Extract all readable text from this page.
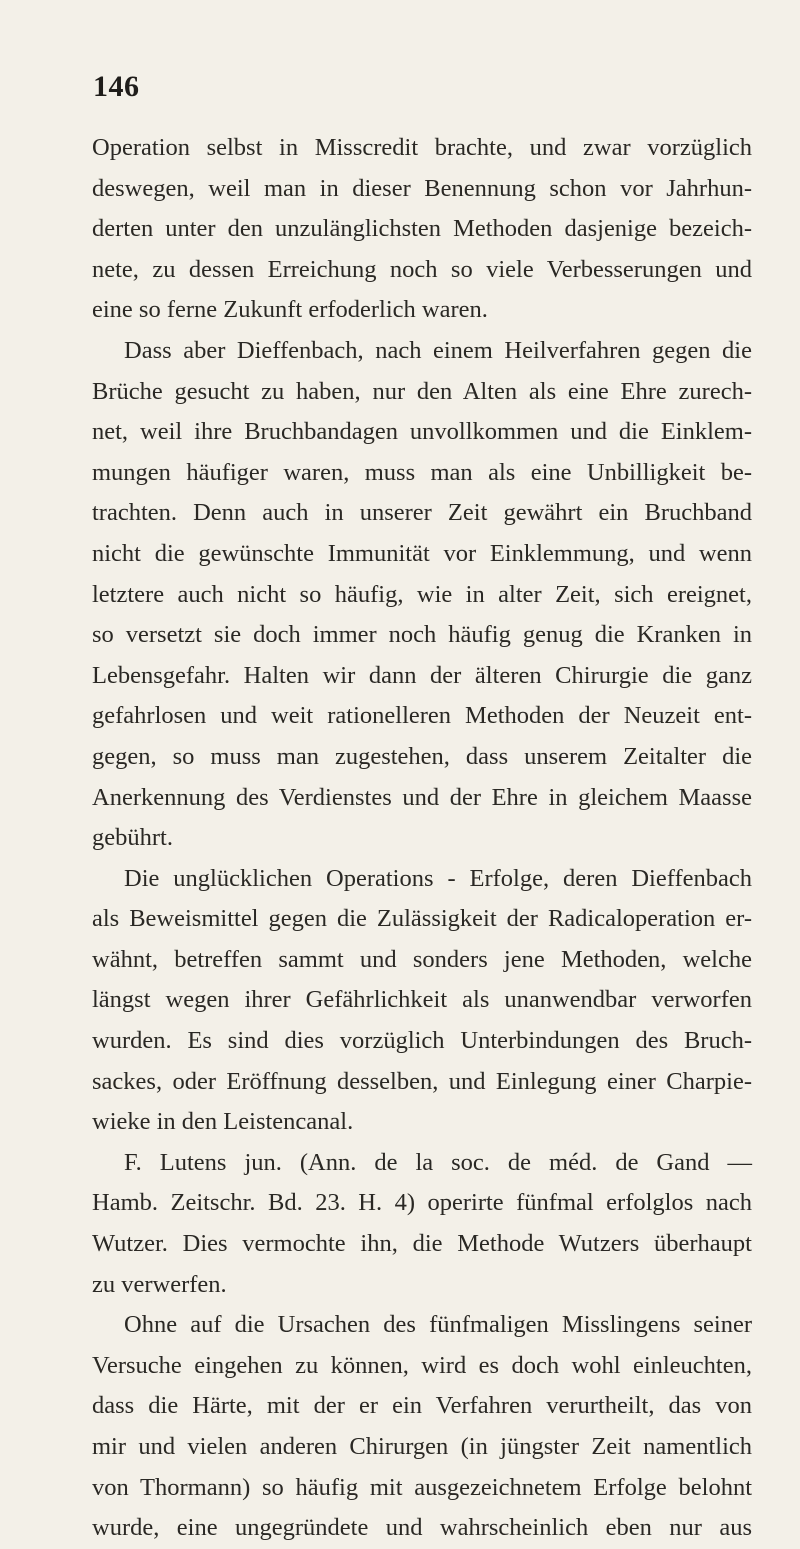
146
Operation selbst in Misscredit brachte, und zwar vorzüglich
deswegen, weil man in dieser Benennung schon vor Jahrhun-
derten unter den unzulänglichsten Methoden dasjenige bezeich-
nete, zu dessen Erreichung noch so viele Verbesserungen und
eine so ferne Zukunft erfoderlich waren.
Dass aber Dieffenbach, nach einem Heilverfahren gegen die
Brüche gesucht zu haben, nur den Alten als eine Ehre zurech-
net, weil ihre Bruchbandagen unvollkommen und die Einklem-
mungen häufiger waren, muss man als eine Unbilligkeit be-
trachten. Denn auch in unserer Zeit gewährt ein Bruchband
nicht die gewünschte Immunität vor Einklemmung, und wenn
letztere auch nicht so häufig, wie in alter Zeit, sich ereignet,
so versetzt sie doch immer noch häufig genug die Kranken in
Lebensgefahr. Halten wir dann der älteren Chirurgie die ganz
gefahrlosen und weit rationelleren Methoden der Neuzeit ent-
gegen, so muss man zugestehen, dass unserem Zeitalter die
Anerkennung des Verdienstes und der Ehre in gleichem Maasse
gebührt.
Die unglücklichen Operations - Erfolge, deren Dieffenbach
als Beweismittel gegen die Zulässigkeit der Radicaloperation er-
wähnt, betreffen sammt und sonders jene Methoden, welche
längst wegen ihrer Gefährlichkeit als unanwendbar verworfen
wurden. Es sind dies vorzüglich Unterbindungen des Bruch-
sackes, oder Eröffnung desselben, und Einlegung einer Charpie-
wieke in den Leistencanal.
F. Lutens jun. (Ann. de la soc. de méd. de Gand —
Hamb. Zeitschr. Bd. 23. H. 4) operirte fünfmal erfolglos nach
Wutzer. Dies vermochte ihn, die Methode Wutzers überhaupt
zu verwerfen.
Ohne auf die Ursachen des fünfmaligen Misslingens seiner
Versuche eingehen zu können, wird es doch wohl einleuchten,
dass die Härte, mit der er ein Verfahren verurtheilt, das von
mir und vielen anderen Chirurgen (in jüngster Zeit namentlich
von Thormann) so häufig mit ausgezeichnetem Erfolge belohnt
wurde, eine ungegründete und wahrscheinlich eben nur aus
